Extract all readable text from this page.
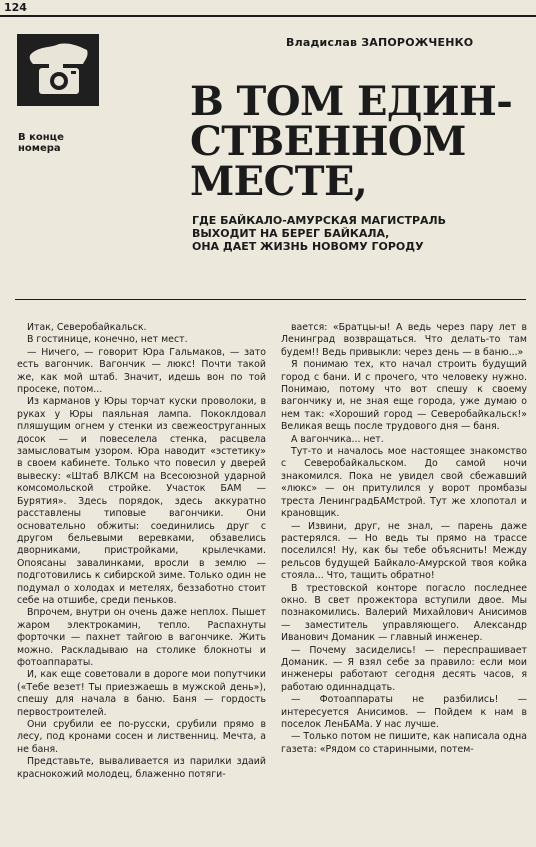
124
В конце номера
Владислав ЗАПОРОЖЧЕНКО
В ТОМ ЕДИН-
СТВЕННОМ
МЕСТЕ,
ГДЕ БАЙКАЛО-АМУРСКАЯ МАГИСТРАЛЬ
ВЫХОДИТ НА БЕРЕГ БАЙКАЛА,
ОНА ДАЕТ ЖИЗНЬ НОВОМУ ГОРОДУ

Итак, Северобайкальск.

В гостинице, конечно, нет мест.

— Ничего, — говорит Юра Гальмаков, — зато есть вагончик. Вагончик — люкс! Почти такой же, как мой штаб. Значит, идешь вон по той просеке, потом...

Из карманов у Юры торчат куски проволоки, в руках у Юры паяльная лампа. Пококлдовал пляшущим огнем у стенки из свежеоструганных досок — и повеселела стенка, расцвела замысловатым узором. Юра наводит «эстетику» в своем кабинете. Только что повесил у дверей вывеску: «Штаб ВЛКСМ на Всесоюзной ударной комсомольской стройке. Участок БАМ — Бурятия». Здесь порядок, здесь аккуратно расставлены типовые вагончики. Они основательно обжиты: соединились друг с другом бельевыми веревками, обзавелись дворниками, пристройками, крылечками. Опоясаны завалинками, вросли в землю — подготовились к сибирской зиме. Только один не подумал о холодах и метелях, беззаботно стоит себе на отшибе, среди пеньков.

Впрочем, внутри он очень даже неплох. Пышет жаром электрокамин, тепло. Распахнуты форточки — пахнет тайгою в вагончике. Жить можно. Раскладываю на столике блокноты и фотоаппараты.

И, как еще советовали в дороге мои попутчики («Тебе везет! Ты приезжаешь в мужской день»), спешу для начала в баню. Баня — гордость первостроителей.

Они срубили ее по-русски, срубили прямо в лесу, под кронами сосен и лиственниц. Мечта, а не баня.

Представьте, вываливается из парилки здаий краснокожий молодец, блаженно потяги-

вается: «Братцы-ы! А ведь через пару лет в Ленинград возвращаться. Что делать-то там будем!! Ведь привыкли: через день — в баню...»

Я понимаю тех, кто начал строить будущий город с бани. И с прочего, что человеку нужно. Понимаю, потому что вот спешу к своему вагончику и, не зная еще города, уже думаю о нем так: «Хороший город — Северобайкальск!» Великая вещь после трудового дня — баня.

А вагончика... нет.

Тут-то и началось мое настоящее знакомство с Северобайкальском. До самой ночи знакомился. Пока не увидел свой сбежавший «люкс» — он притулился у ворот промбазы треста ЛенинградБАМстрой. Тут же хлопотал и крановщик.

— Извини, друг, не знал, — парень даже растерялся. — Но ведь ты прямо на трассе поселился! Ну, как бы тебе объяснить! Между рельсов будущей Байкало-Амурской твоя койка стояла... Что, тащить обратно!

В трестовской конторе погасло последнее окно. В свет прожектора вступили двое. Мы познакомились. Валерий Михайлович Анисимов — заместитель управляющего. Александр Иванович Доманик — главный инженер.

— Почему засиделись! — переспрашивает Доманик. — Я взял себе за правило: если мои инженеры работают сегодня десять часов, я работаю одиннадцать.

— Фотоаппараты не разбились! — интересуется Анисимов. — Пойдем к нам в поселок ЛенБАМа. У нас лучше.

— Только потом не пишите, как написала одна газета: «Рядом со старинными, потем-
